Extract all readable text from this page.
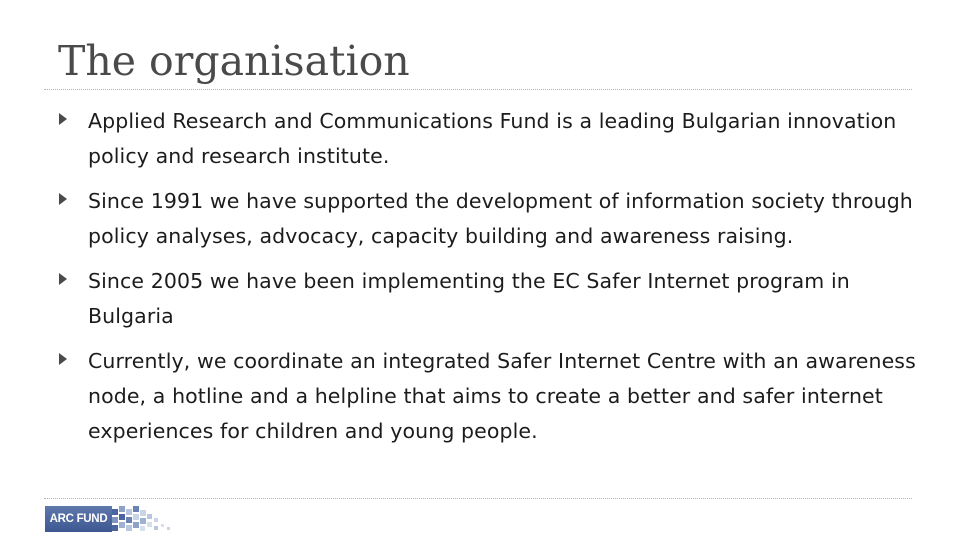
The organisation
Applied Research and Communications Fund is a leading Bulgarian innovation policy and research institute.
Since 1991 we have supported the development of information society through policy analyses, advocacy, capacity building and awareness raising.
Since 2005 we have been implementing the EC Safer Internet program in Bulgaria
Currently, we coordinate an integrated Safer Internet Centre with an awareness node, a hotline and a helpline that aims to create a better and safer internet experiences for children and young people.
ARC FUND
